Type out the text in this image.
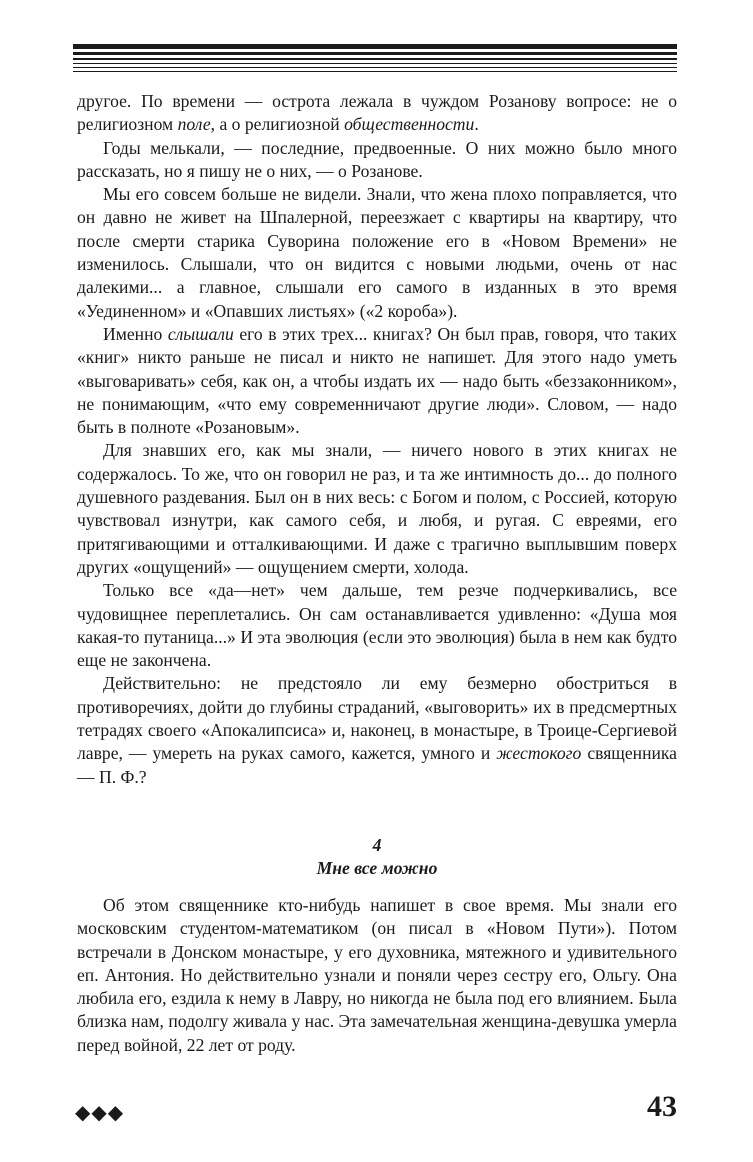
другое. По времени — острота лежала в чуждом Розанову вопросе: не о религиозном поле, а о религиозной общественности.

Годы мелькали, — последние, предвоенные. О них можно было много рассказать, но я пишу не о них, — о Розанове.

Мы его совсем больше не видели. Знали, что жена плохо поправляется, что он давно не живет на Шпалерной, переезжает с квартиры на квартиру, что после смерти старика Суворина положение его в «Новом Времени» не изменилось. Слышали, что он видится с новыми людьми, очень от нас далекими... а главное, слышали его самого в изданных в это время «Уединенном» и «Опавших листьях» («2 короба»).

Именно слышали его в этих трех... книгах? Он был прав, говоря, что таких «книг» никто раньше не писал и никто не напишет. Для этого надо уметь «выговаривать» себя, как он, а чтобы издать их — надо быть «беззаконником», не понимающим, «что ему современничают другие люди». Словом, — надо быть в полноте «Розановым».

Для знавших его, как мы знали, — ничего нового в этих книгах не содержалось. То же, что он говорил не раз, и та же интимность до... до полного душевного раздевания. Был он в них весь: с Богом и полом, с Россией, которую чувствовал изнутри, как самого себя, и любя, и ругая. С евреями, его притягивающими и отталкивающими. И даже с трагично выплывшим поверх других «ощущений» — ощущением смерти, холода.

Только все «да—нет» чем дальше, тем резче подчеркивались, все чудовищнее переплетались. Он сам останавливается удивленно: «Душа моя какая-то путаница...» И эта эволюция (если это эволюция) была в нем как будто еще не закончена.

Действительно: не предстояло ли ему безмерно обостриться в противоречиях, дойти до глубины страданий, «выговорить» их в предсмертных тетрадях своего «Апокалипсиса» и, наконец, в монастыре, в Троице-Сергиевой лавре, — умереть на руках самого, кажется, умного и жестокого священника — П. Ф.?

4
Мне все можно

Об этом священнике кто-нибудь напишет в свое время. Мы знали его московским студентом-математиком (он писал в «Новом Пути»). Потом встречали в Донском монастыре, у его духовника, мятежного и удивительного еп. Антония. Но действительно узнали и поняли через сестру его, Ольгу. Она любила его, ездила к нему в Лавру, но никогда не была под его влиянием. Была близка нам, подолгу живала у нас. Эта замечательная женщина-девушка умерла перед войной, 22 лет от роду.

◆◆◆	43
